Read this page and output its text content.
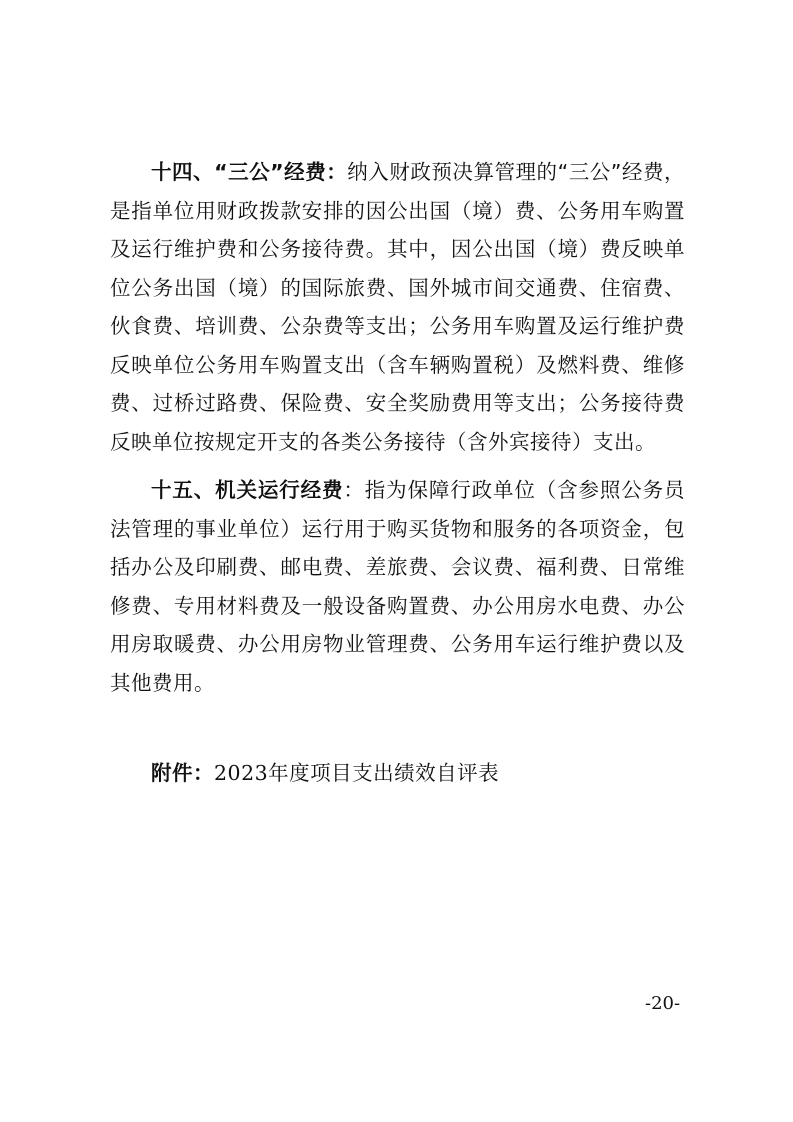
十四、“三公”经费：纳入财政预决算管理的“三公”经费，是指单位用财政拨款安排的因公出国（境）费、公务用车购置及运行维护费和公务接待费。其中，因公出国（境）费反映单位公务出国（境）的国际旅费、国外城市间交通费、住宿费、伙食费、培训费、公杂费等支出；公务用车购置及运行维护费反映单位公务用车购置支出（含车辆购置税）及燃料费、维修费、过桥过路费、保险费、安全奖励费用等支出；公务接待费反映单位按规定开支的各类公务接待（含外宾接待）支出。

十五、机关运行经费：指为保障行政单位（含参照公务员法管理的事业单位）运行用于购买货物和服务的各项资金，包括办公及印刷费、邮电费、差旅费、会议费、福利费、日常维修费、专用材料费及一般设备购置费、办公用房水电费、办公用房取暖费、办公用房物业管理费、公务用车运行维护费以及其他费用。

附件：2023年度项目支出绩效自评表
-20-
